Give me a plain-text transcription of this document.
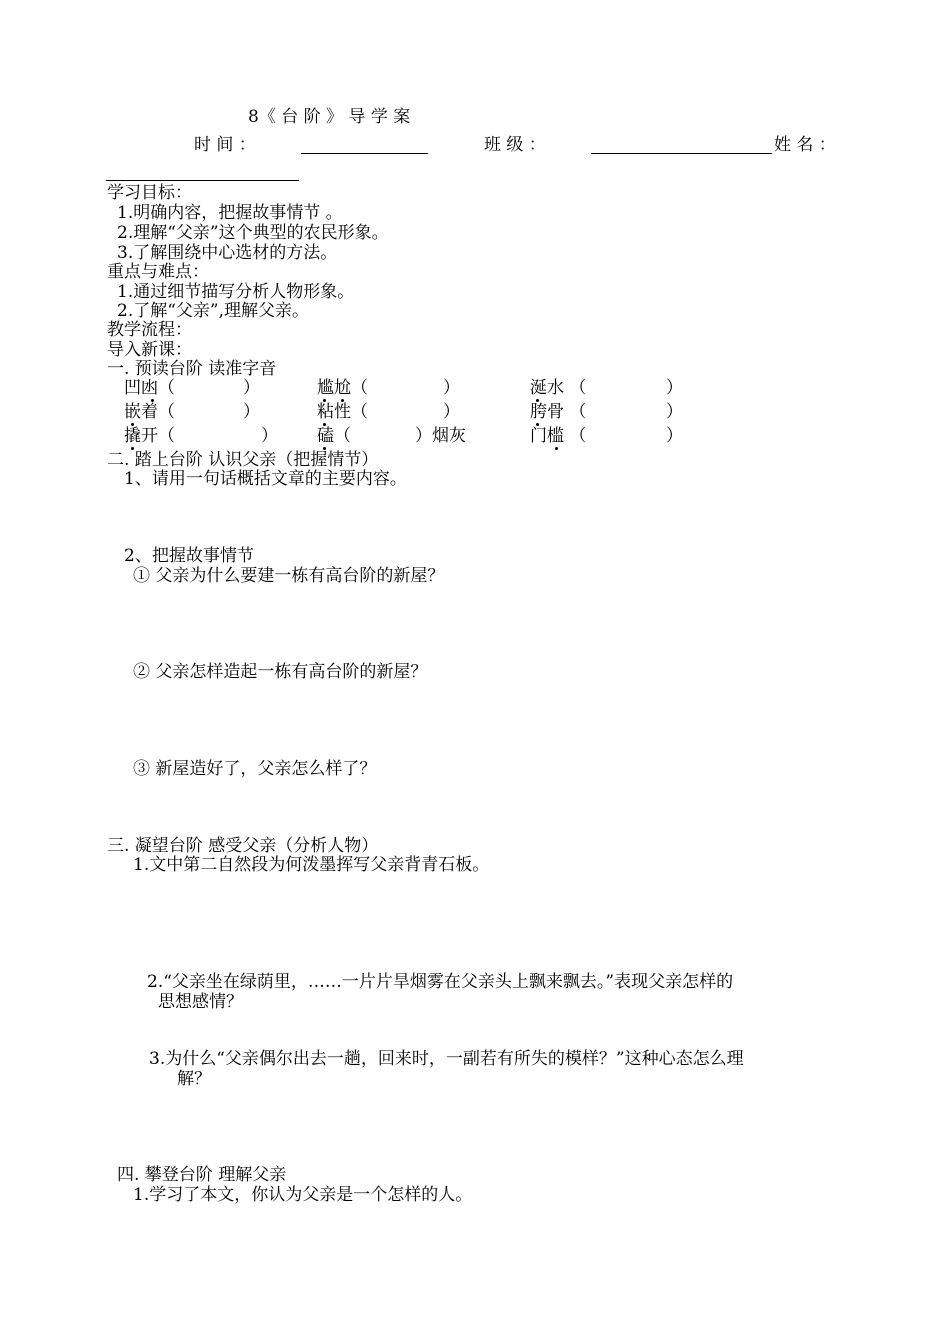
8《 台 阶 》 导 学 案
时 间 ：	班 级 ：	姓 名 ：
学习目标：
1.明确内容，把握故事情节 。
2.理解“父亲”这个典型的农民形象。
3.了解围绕中心选材的方法。
重点与难点：
1.通过细节描写分析人物形象。
2.了解“父亲”,理解父亲。
教学流程：
导入新课：
一. 预读台阶 读准字音
凹凼（	）	尴尬（	）	涎水 （	）
嵌着（	）	粘性（	）	胯骨 （	）
撬开（	） 磕（	）烟灰	门槛 （	）
二. 踏上台阶 认识父亲（把握情节）
1、请用一句话概括文章的主要内容。
2、把握故事情节
① 父亲为什么要建一栋有高台阶的新屋？
② 父亲怎样造起一栋有高台阶的新屋？
③ 新屋造好了，父亲怎么样了？
三. 凝望台阶 感受父亲（分析人物）
1.文中第二自然段为何泼墨挥写父亲背青石板。
2.“父亲坐在绿荫里，……一片片旱烟雾在父亲头上飘来飘去。”表现父亲怎样的
思想感情？
3.为什么“父亲偶尔出去一趟，回来时，一副若有所失的模样？”这种心态怎么理
解？
四. 攀登台阶 理解父亲
1.学习了本文，你认为父亲是一个怎样的人。
